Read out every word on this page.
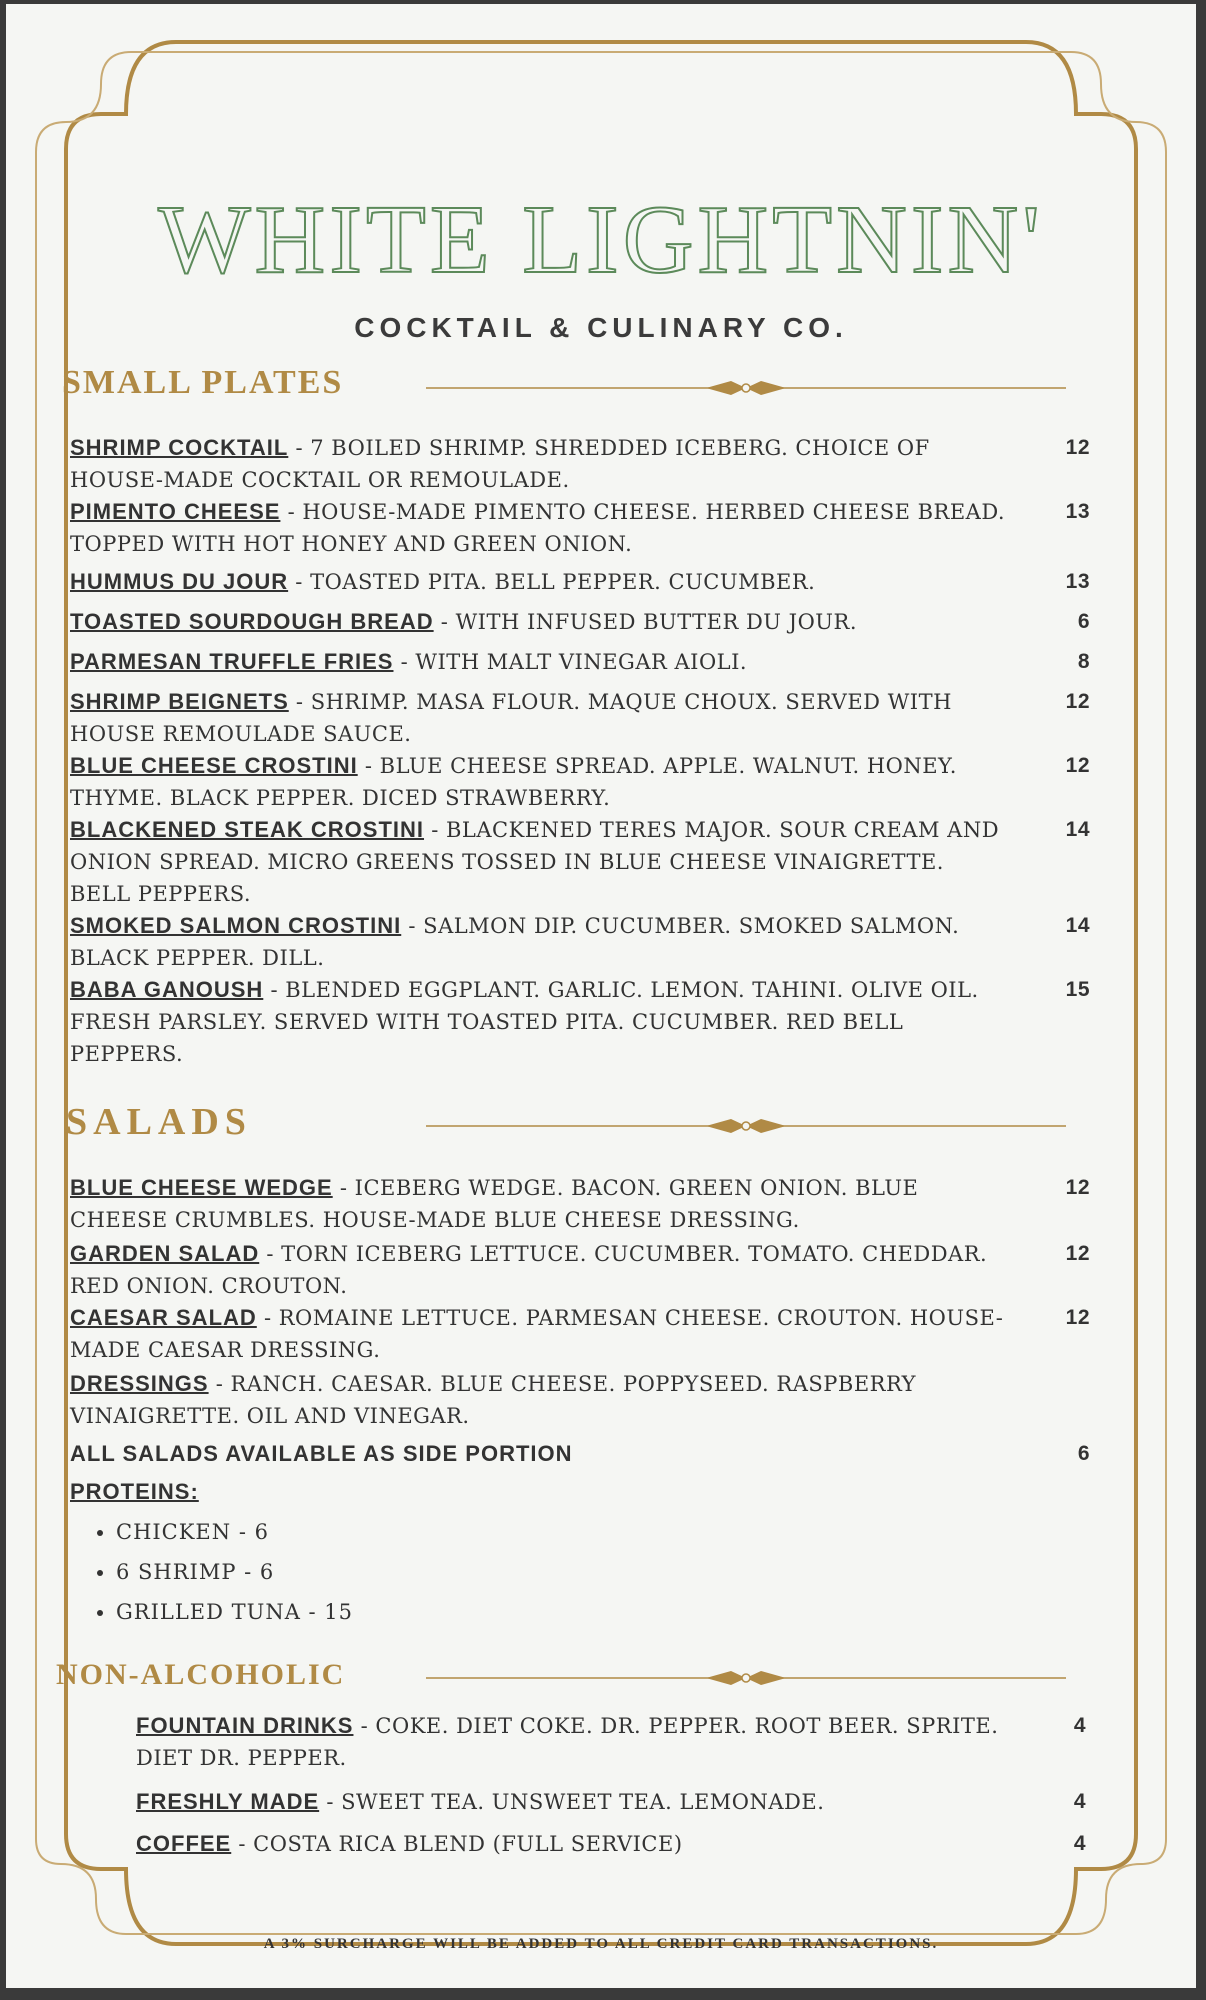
WHITE LIGHTNIN'
COCKTAIL & CULINARY CO.
SMALL PLATES
SHRIMP COCKTAIL - 7 BOILED SHRIMP. SHREDDED ICEBERG. CHOICE OF HOUSE-MADE COCKTAIL OR REMOULADE.
12
PIMENTO CHEESE - HOUSE-MADE PIMENTO CHEESE. HERBED CHEESE BREAD. TOPPED WITH HOT HONEY AND GREEN ONION.
13
HUMMUS DU JOUR - TOASTED PITA. BELL PEPPER. CUCUMBER.	13
TOASTED SOURDOUGH BREAD - WITH INFUSED BUTTER DU JOUR.	6
PARMESAN TRUFFLE FRIES - WITH MALT VINEGAR AIOLI.	8
SHRIMP BEIGNETS - SHRIMP. MASA FLOUR. MAQUE CHOUX. SERVED WITH HOUSE REMOULADE SAUCE.
12
BLUE CHEESE CROSTINI - BLUE CHEESE SPREAD. APPLE. WALNUT. HONEY. THYME. BLACK PEPPER. DICED STRAWBERRY.
12
BLACKENED STEAK CROSTINI - BLACKENED TERES MAJOR. SOUR CREAM AND ONION SPREAD. MICRO GREENS TOSSED IN BLUE CHEESE VINAIGRETTE. BELL PEPPERS.
14
SMOKED SALMON CROSTINI - SALMON DIP. CUCUMBER. SMOKED SALMON. BLACK PEPPER. DILL.
14
BABA GANOUSH - BLENDED EGGPLANT. GARLIC. LEMON. TAHINI. OLIVE OIL. FRESH PARSLEY. SERVED WITH TOASTED PITA. CUCUMBER. RED BELL PEPPERS.
15
SALADS
BLUE CHEESE WEDGE - ICEBERG WEDGE. BACON. GREEN ONION. BLUE CHEESE CRUMBLES. HOUSE-MADE BLUE CHEESE DRESSING.
12
GARDEN SALAD - TORN ICEBERG LETTUCE. CUCUMBER. TOMATO. CHEDDAR. RED ONION. CROUTON.
12
CAESAR SALAD - ROMAINE LETTUCE. PARMESAN CHEESE. CROUTON. HOUSE-MADE CAESAR DRESSING.
12
DRESSINGS - RANCH. CAESAR. BLUE CHEESE. POPPYSEED. RASPBERRY VINAIGRETTE. OIL AND VINEGAR.
ALL SALADS AVAILABLE AS SIDE PORTION	6
PROTEINS:
• CHICKEN - 6
• 6 SHRIMP - 6
• GRILLED TUNA - 15
NON-ALCOHOLIC
FOUNTAIN DRINKS - COKE. DIET COKE. DR. PEPPER. ROOT BEER. SPRITE. DIET DR. PEPPER.
4
FRESHLY MADE - SWEET TEA. UNSWEET TEA. LEMONADE.	4
COFFEE - COSTA RICA BLEND (FULL SERVICE)	4
A 3% SURCHARGE WILL BE ADDED TO ALL CREDIT CARD TRANSACTIONS.
